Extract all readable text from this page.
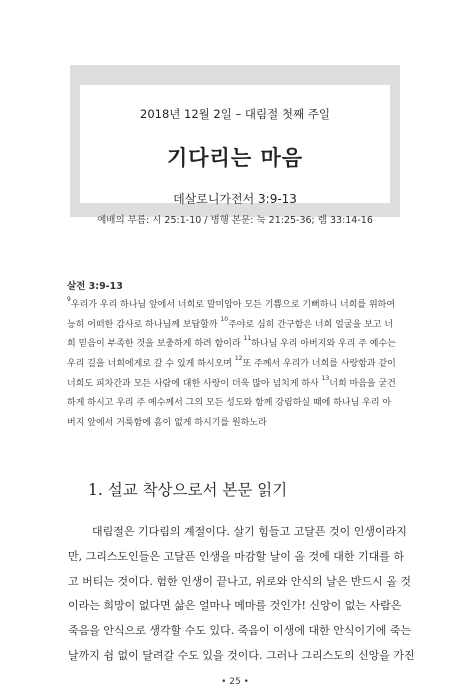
2018년 12월 2일 – 대림절 첫째 주일
기다리는 마음
데살로니가전서 3:9-13
예배의 부름: 시 25:1-10 / 병행 본문: 눅 21:25-36; 렘 33:14-16
살전 3:9-13
$^9$우리가 우리 하나님 앞에서 너희로 말미암아 모든 기쁨으로 기뻐하니 너희를 위하여
능히 어떠한 감사로 하나님께 보답할까 $^{10}$주야로 심히 간구함은 너희 얼굴을 보고 너
희 믿음이 부족한 것을 보충하게 하려 함이라 $^{11}$하나님 우리 아버지와 우리 주 예수는
우리 길을 너희에게로 갈 수 있게 하시오며 $^{12}$또 주께서 우리가 너희를 사랑함과 같이
너희도 피차간과 모든 사람에 대한 사랑이 더욱 많아 넘치게 하사 $^{13}$너희 마음을 굳건
하게 하시고 우리 주 예수께서 그의 모든 성도와 함께 강림하실 때에 하나님 우리 아
버지 앞에서 거룩함에 흠이 없게 하시기를 원하노라
1. 설교 착상으로서 본문 읽기
대림절은 기다림의 계절이다. 살기 힘들고 고달픈 것이 인생이라지
만, 그리스도인들은 고달픈 인생을 마감할 날이 올 것에 대한 기대를 하
고 버티는 것이다. 험한 인생이 끝나고, 위로와 안식의 날은 반드시 올 것
이라는 희망이 없다면 삶은 얼마나 메마를 것인가! 신앙이 없는 사람은
죽음을 안식으로 생각할 수도 있다. 죽음이 이생에 대한 안식이기에 죽는
날까지 쉼 없이 달려갈 수도 있을 것이다. 그러나 그리스도의 신앙을 가진
• 25 •
